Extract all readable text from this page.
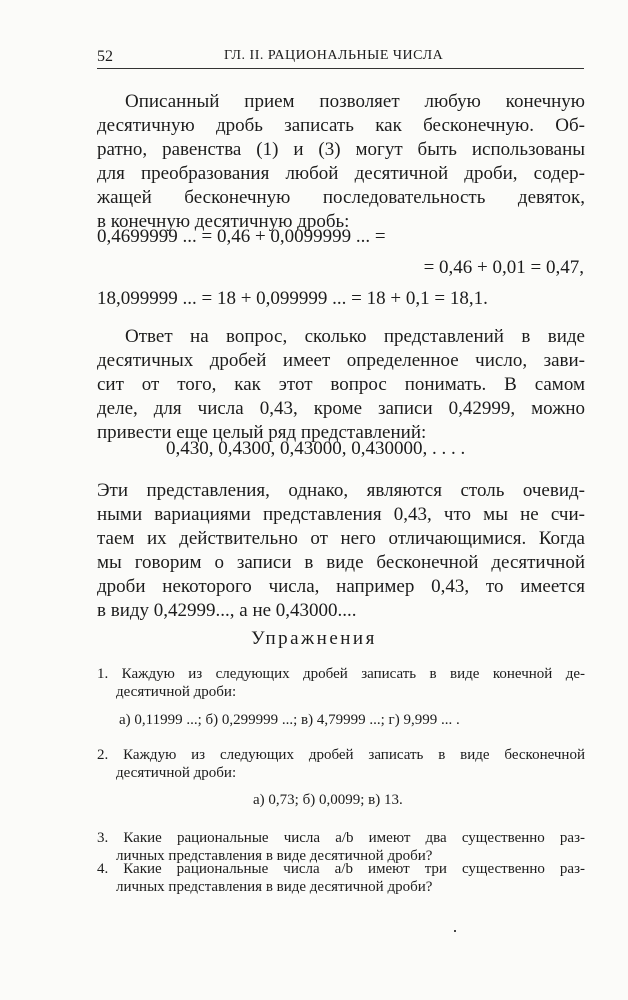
52	ГЛ. II. РАЦИОНАЛЬНЫЕ ЧИСЛА
Описанный прием позволяет любую конечную
десятичную дробь записать как бесконечную. Об-
ратно, равенства (1) и (3) могут быть использованы
для преобразования любой десятичной дроби, содер-
жащей бесконечную последовательность девяток,
в конечную десятичную дробь:
0,4699999 ... = 0,46 + 0,0099999 ... =
= 0,46 + 0,01 = 0,47,
18,099999 ... = 18 + 0,099999 ... = 18 + 0,1 = 18,1.
Ответ на вопрос, сколько представлений в виде
десятичных дробей имеет определенное число, зави-
сит от того, как этот вопрос понимать. В самом
деле, для числа 0,43, кроме записи 0,42999, можно
привести еще целый ряд представлений:
0,430, 0,4300, 0,43000, 0,430000, . . . .
Эти представления, однако, являются столь очевид-
ными вариациями представления 0,43, что мы не счи-
таем их действительно от него отличающимися. Когда
мы говорим о записи в виде бесконечной десятичной
дроби некоторого числа, например 0,43, то имеется
в виду 0,42999..., а не 0,43000....
Упражнения
1. Каждую из следующих дробей записать в виде конечной де-
десятичной дроби:
а) 0,11999 ...; б) 0,299999 ...; в) 4,79999 ...; г) 9,999 ... .
2. Каждую из следующих дробей записать в виде бесконечной
десятичной дроби:
а) 0,73; б) 0,0099; в) 13.
3. Какие рациональные числа a/b имеют два существенно раз-
личных представления в виде десятичной дроби?
4. Какие рациональные числа a/b имеют три существенно раз-
личных представления в виде десятичной дроби?
